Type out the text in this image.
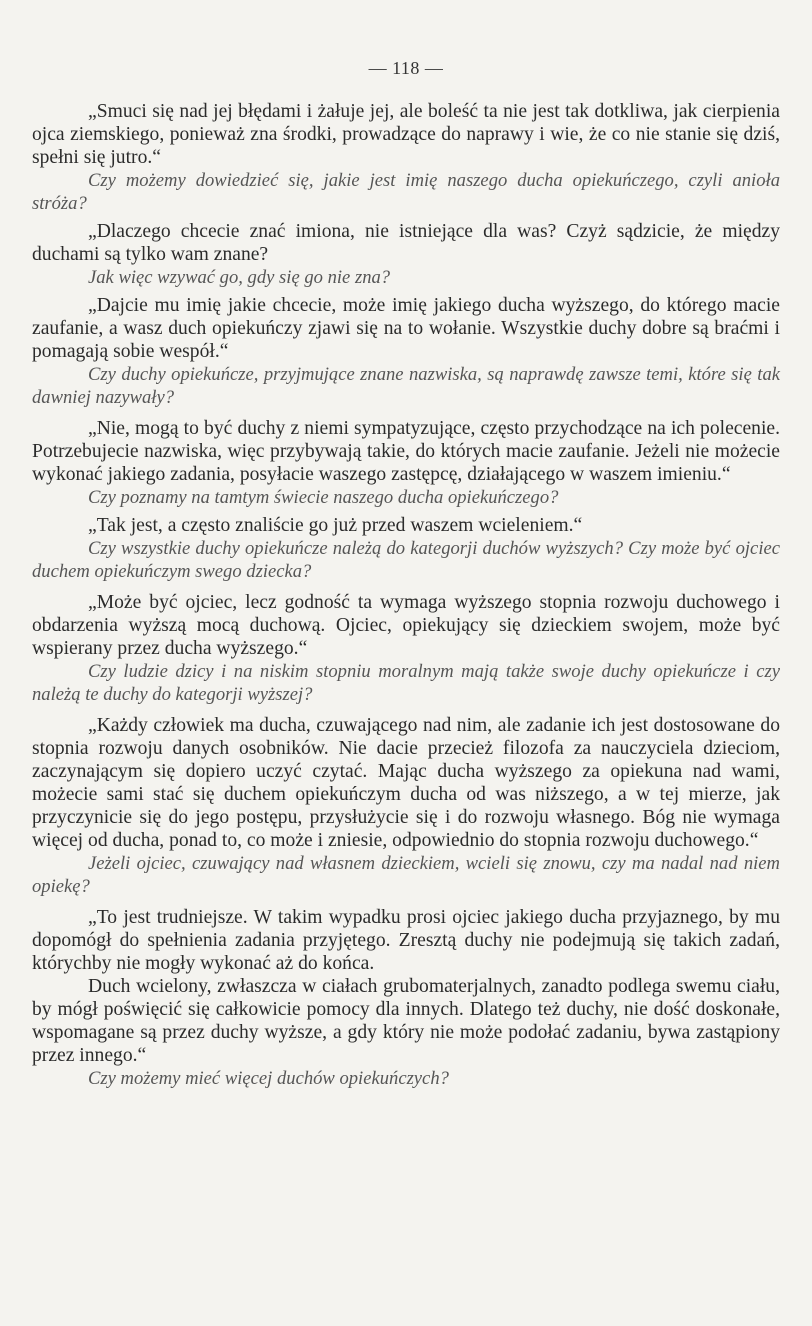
— 118 —

„Smuci się nad jej błędami i żałuje jej, ale boleść ta nie jest tak dotkliwa, jak cierpienia ojca ziemskiego, ponieważ zna środki, prowadzące do naprawy i wie, że co nie stanie się dziś, spełni się jutro.“

Czy możemy dowiedzieć się, jakie jest imię naszego ducha opiekuńczego, czyli anioła stróża?

„Dlaczego chcecie znać imiona, nie istniejące dla was? Czyż sądzicie, że między duchami są tylko wam znane?

Jak więc wzywać go, gdy się go nie zna?

„Dajcie mu imię jakie chcecie, może imię jakiego ducha wyższego, do którego macie zaufanie, a wasz duch opiekuńczy zjawi się na to wołanie. Wszystkie duchy dobre są braćmi i pomagają sobie wespół.“

Czy duchy opiekuńcze, przyjmujące znane nazwiska, są naprawdę zawsze temi, które się tak dawniej nazywały?

„Nie, mogą to być duchy z niemi sympatyzujące, często przychodzące na ich polecenie. Potrzebujecie nazwiska, więc przybywają takie, do których macie zaufanie. Jeżeli nie możecie wykonać jakiego zadania, posyłacie waszego zastępcę, działającego w waszem imieniu.“

Czy poznamy na tamtym świecie naszego ducha opiekuńczego?

„Tak jest, a często znaliście go już przed waszem wcieleniem.“

Czy wszystkie duchy opiekuńcze należą do kategorji duchów wyższych? Czy może być ojciec duchem opiekuńczym swego dziecka?

„Może być ojciec, lecz godność ta wymaga wyższego stopnia rozwoju duchowego i obdarzenia wyższą mocą duchową. Ojciec, opiekujący się dzieckiem swojem, może być wspierany przez ducha wyższego.“

Czy ludzie dzicy i na niskim stopniu moralnym mają także swoje duchy opiekuńcze i czy należą te duchy do kategorji wyższej?

„Każdy człowiek ma ducha, czuwającego nad nim, ale zadanie ich jest dostosowane do stopnia rozwoju danych osobników. Nie dacie przecież filozofa za nauczyciela dzieciom, zaczynającym się dopiero uczyć czytać. Mając ducha wyższego za opiekuna nad wami, możecie sami stać się duchem opiekuńczym ducha od was niższego, a w tej mierze, jak przyczynicie się do jego postępu, przysłużycie się i do rozwoju własnego. Bóg nie wymaga więcej od ducha, ponad to, co może i zniesie, odpowiednio do stopnia rozwoju duchowego.“

Jeżeli ojciec, czuwający nad własnem dzieckiem, wcieli się znowu, czy ma nadal nad niem opiekę?

„To jest trudniejsze. W takim wypadku prosi ojciec jakiego ducha przyjaznego, by mu dopomógł do spełnienia zadania przyjętego. Zresztą duchy nie podejmują się takich zadań, którychby nie mogły wykonać aż do końca.

Duch wcielony, zwłaszcza w ciałach grubomaterjalnych, zanadto podlega swemu ciału, by mógł poświęcić się całkowicie pomocy dla innych. Dlatego też duchy, nie dość doskonałe, wspomagane są przez duchy wyższe, a gdy który nie może podołać zadaniu, bywa zastąpiony przez innego.“

Czy możemy mieć więcej duchów opiekuńczych?
